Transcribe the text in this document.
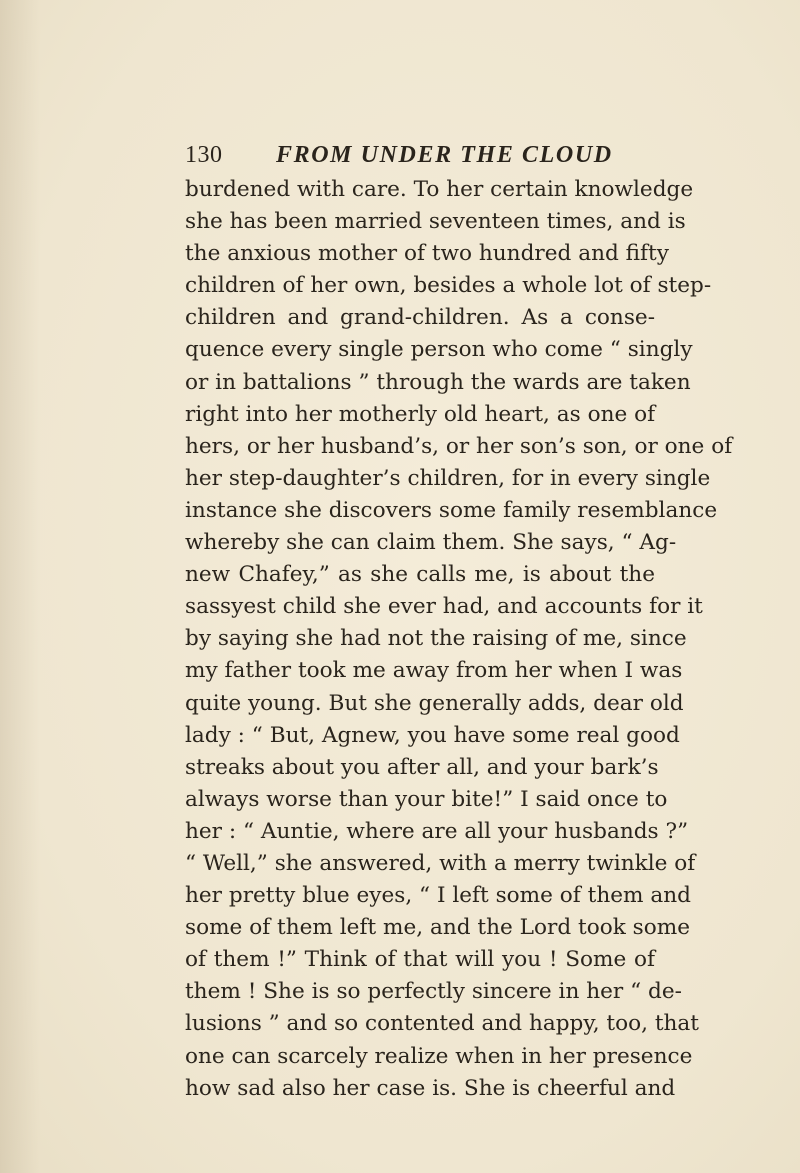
130 FROM UNDER THE CLOUD
burdened with care. To her certain knowledge
she has been married seventeen times, and is
the anxious mother of two hundred and fifty
children of her own, besides a whole lot of step-
children and grand-children. As a conse-
quence every single person who come “ singly
or in battalions ” through the wards are taken
right into her motherly old heart, as one of
hers, or her husband’s, or her son’s son, or one of
her step-daughter’s children, for in every single
instance she discovers some family resemblance
whereby she can claim them. She says, “ Ag-
new Chafey,” as she calls me, is about the
sassyest child she ever had, and accounts for it
by saying she had not the raising of me, since
my father took me away from her when I was
quite young. But she generally adds, dear old
lady : “ But, Agnew, you have some real good
streaks about you after all, and your bark’s
always worse than your bite!” I said once to
her : “ Auntie, where are all your husbands ?”
“ Well,” she answered, with a merry twinkle of
her pretty blue eyes, “ I left some of them and
some of them left me, and the Lord took some
of them !” Think of that will you ! Some of
them ! She is so perfectly sincere in her “ de-
lusions ” and so contented and happy, too, that
one can scarcely realize when in her presence
how sad also her case is. She is cheerful and
